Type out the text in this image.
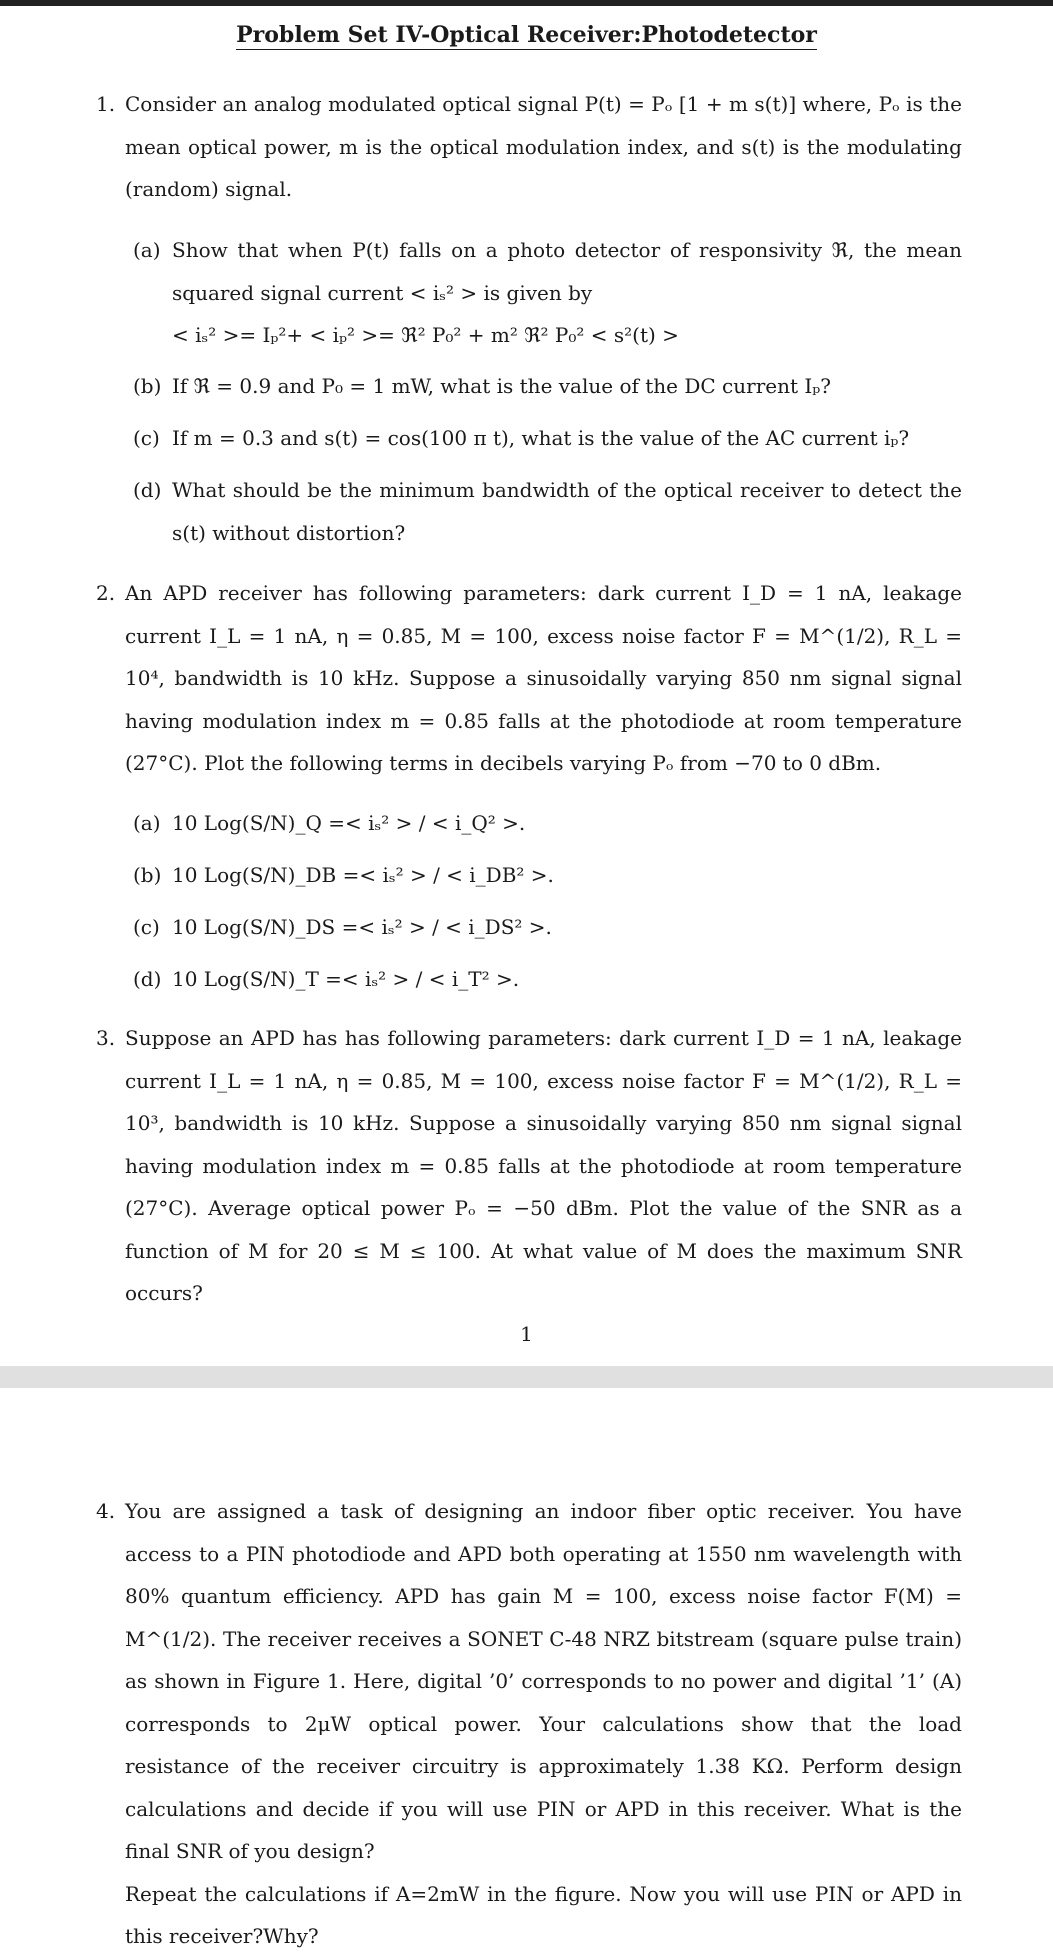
Problem Set IV-Optical Receiver:Photodetector
1. Consider an analog modulated optical signal P(t) = Pₒ [1 + m s(t)] where, Pₒ is the mean optical power, m is the optical modulation index, and s(t) is the modulating (random) signal.
(a) Show that when P(t) falls on a photo detector of responsivity ℜ, the mean squared signal current < iₛ² > is given by
< iₛ² >= Iₚ²+ < iₚ² >= ℜ² P₀² + m² ℜ² P₀² < s²(t) >
(b) If ℜ = 0.9 and P₀ = 1 mW, what is the value of the DC current Iₚ?
(c) If m = 0.3 and s(t) = cos(100 π t), what is the value of the AC current iₚ?
(d) What should be the minimum bandwidth of the optical receiver to detect the s(t) without distortion?
2. An APD receiver has following parameters: dark current I_D = 1 nA, leakage current I_L = 1 nA, η = 0.85, M = 100, excess noise factor F = M^(1/2), R_L = 10⁴, bandwidth is 10 kHz. Suppose a sinusoidally varying 850 nm signal signal having modulation index m = 0.85 falls at the photodiode at room temperature (27°C). Plot the following terms in decibels varying Pₒ from −70 to 0 dBm.
(a) 10 Log(S/N)_Q =< iₛ² > / < i_Q² >.
(b) 10 Log(S/N)_DB =< iₛ² > / < i_DB² >.
(c) 10 Log(S/N)_DS =< iₛ² > / < i_DS² >.
(d) 10 Log(S/N)_T =< iₛ² > / < i_T² >.
3. Suppose an APD has has following parameters: dark current I_D = 1 nA, leakage current I_L = 1 nA, η = 0.85, M = 100, excess noise factor F = M^(1/2), R_L = 10³, bandwidth is 10 kHz. Suppose a sinusoidally varying 850 nm signal signal having modulation index m = 0.85 falls at the photodiode at room temperature (27°C). Average optical power Pₒ = −50 dBm. Plot the value of the SNR as a function of M for 20 ≤ M ≤ 100. At what value of M does the maximum SNR occurs?
1
4. You are assigned a task of designing an indoor fiber optic receiver. You have access to a PIN photodiode and APD both operating at 1550 nm wavelength with 80% quantum efficiency. APD has gain M = 100, excess noise factor F(M) = M^(1/2). The receiver receives a SONET C-48 NRZ bitstream (square pulse train) as shown in Figure 1. Here, digital ’0’ corresponds to no power and digital ’1’ (A) corresponds to 2μW optical power. Your calculations show that the load resistance of the receiver circuitry is approximately 1.38 KΩ. Perform design calculations and decide if you will use PIN or APD in this receiver. What is the final SNR of you design?
Repeat the calculations if A=2mW in the figure. Now you will use PIN or APD in this receiver?Why?
